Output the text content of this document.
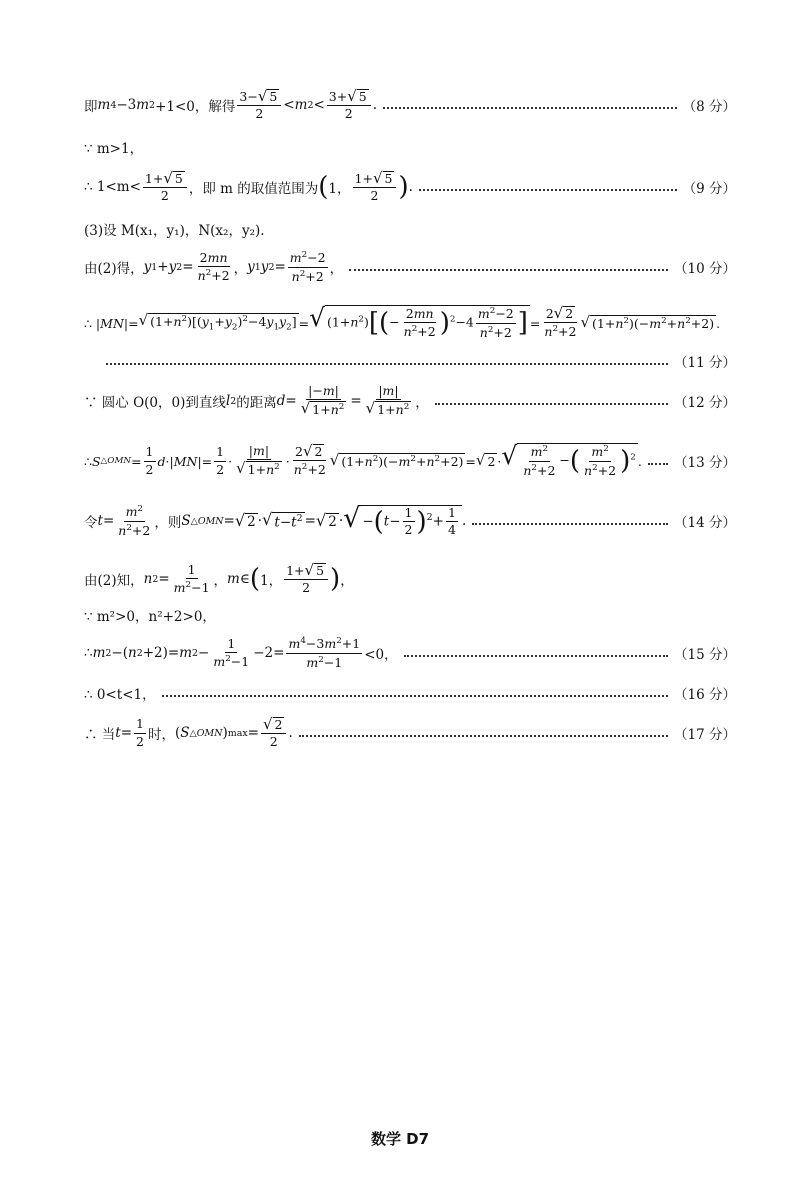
即 m 4 −3 m 2 +1<0，解得 $\frac{3- √ 5}{2} < m$ $2 < \frac{3+ √ 5}{2}$ .	（8 分）
∵ m>1，
∴ $1<m< \frac{1+ √ 5}{2}$ ，即 m 的取值范围为 ( 1， $\frac{1+ √ 5}{2}$ ) .	（9 分）
(3)设 M(x₁，y₁)，N(x₂，y₂).
由(2)得， y 1 + y $2 = \frac{2mn}{n^2+2}$ ， y 1 y $2 = \frac{m^2-2}{n^2+2}$ ，	（10 分）
∴ | MN |= √ $(1+n^2)[(y_1+y_2)^2-4y_1y_2]$ = √ $(1+n^2)[(- \frac{2mn}{n^2+2} )^2-4 \frac{m^2-2}{n^2+2}$ ] = $\frac{2 √ 2}{n^2+2}$ √ $(1+n^2)(-m^2+n^2+2)$ .
（11 分）
∵ 圆心 O(0，0)到直线 l 2 的距离 $d = \frac{|-m|}{√ 1+n^2} = \frac{|m|}{√ 1+n^2}$ ，	（12 分）
∴ S △OMN = $\frac{1}{2}$ d ·| MN |= $\frac{1}{2} \cdot \frac{|m|}{√ 1+n^2} \cdot \frac{2 √ 2}{n^2+2}$ √ $(1+n^2)(-m^2+n^2+2)$ = √ 2 · √ $\frac{m^2}{n^2+2}$ −( $\frac{m^2}{n^2+2} )^2$ . （13 分）
令 $t = \frac{m^2}{n^2+2}$ ，则 S △OMN = √ 2 · √ $t-t^2$ = √ 2 · √ $-(t- \frac{1}{2} )^2+ \frac{1}{4}$ .	（14 分）
由(2)知， n $2 = \frac{1}{m^2-1}$ ， m ∈ ( 1， $\frac{1+ √ 5}{2}$ ) ，
∵ m²>0，n²+2>0，
∴ m 2 −( n 2 +2)= m $2 - \frac{1}{m^2-1} -2= \frac{m^4-3m^2+1}{m^2-1} <0$，	（15 分）
∴ 0<t<1，	（16 分）
∴ 当 $t = \frac{1}{2}$ 时， ( S △OMN ) $\max = \frac{√ 2}{2}$ .	（17 分）
数学 D7
